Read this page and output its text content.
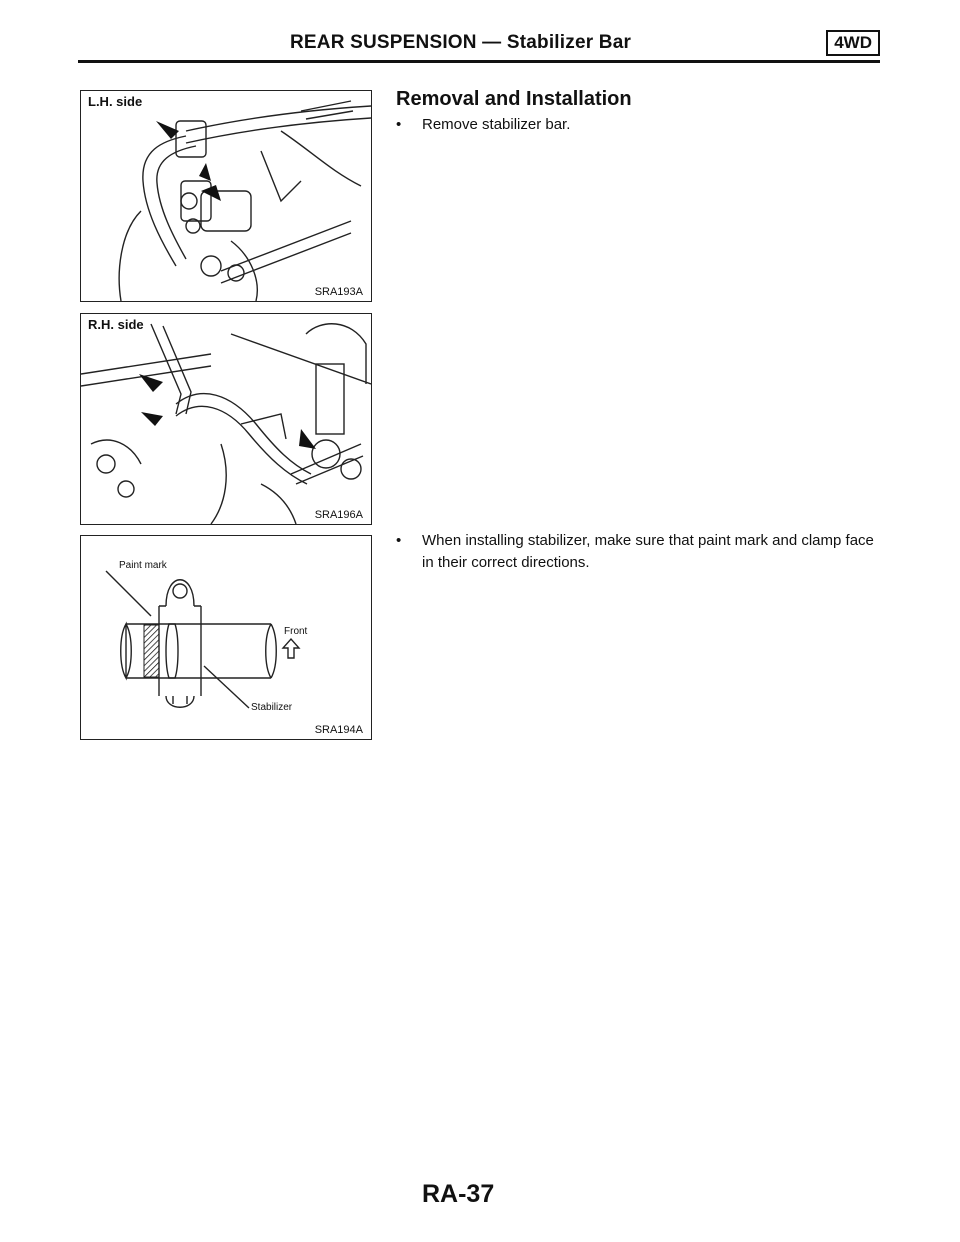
REAR SUSPENSION — Stabilizer Bar	4WD
L.H. side
SRA193A
R.H. side
SRA196A
Paint mark
Front
Stabilizer
SRA194A
Removal and Installation
• Remove stabilizer bar.
• When installing stabilizer, make sure that paint mark and clamp face in their correct directions.
RA-37
